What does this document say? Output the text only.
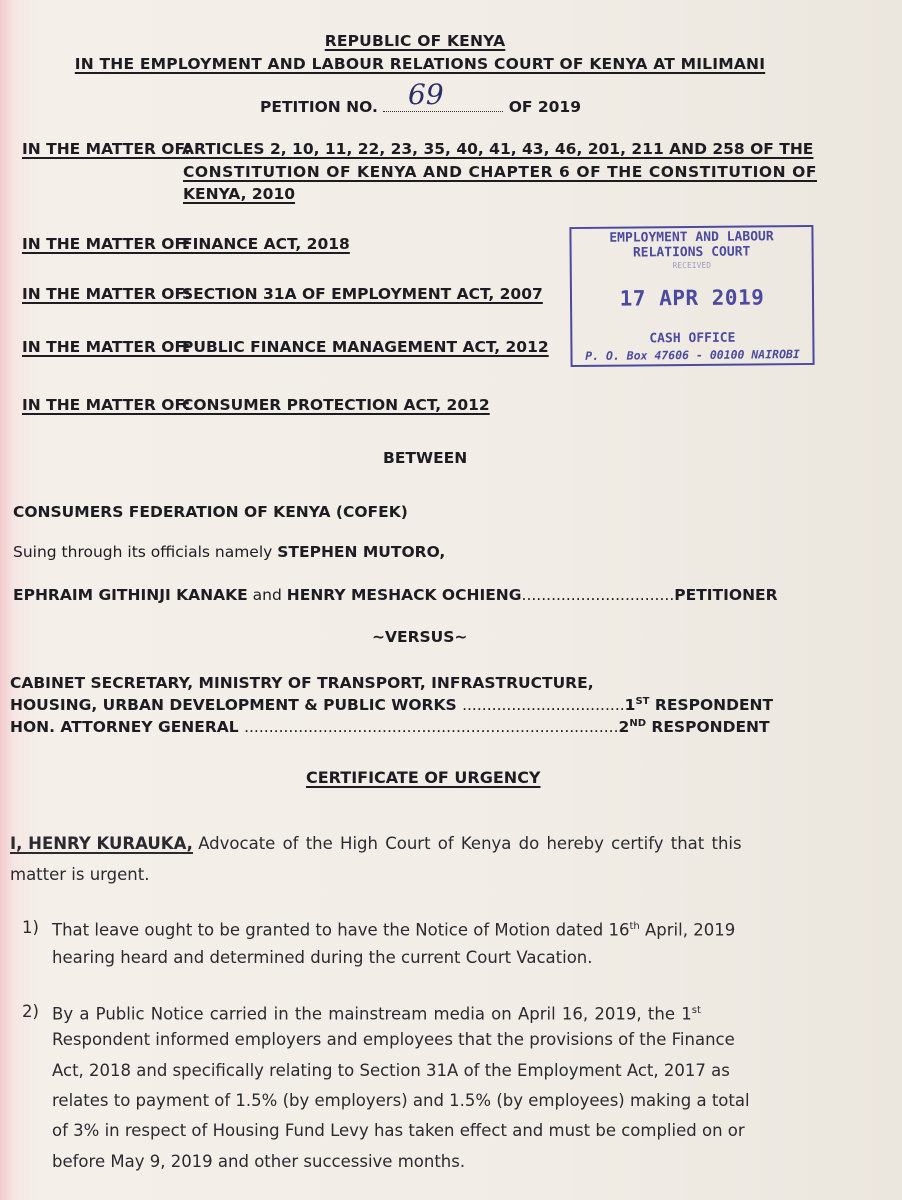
REPUBLIC OF KENYA
IN THE EMPLOYMENT AND LABOUR RELATIONS COURT OF KENYA AT MILIMANI
PETITION NO.	OF 2019
69
IN THE MATTER OF:ARTICLES 2, 10, 11, 22, 23, 35, 40, 41, 43, 46, 201, 211 AND 258 OF THE
CONSTITUTION OF KENYA AND CHAPTER 6 OF THE CONSTITUTION OF
KENYA, 2010
IN THE MATTER OF:FINANCE ACT, 2018
IN THE MATTER OF:SECTION 31A OF EMPLOYMENT ACT, 2007
IN THE MATTER OF:PUBLIC FINANCE MANAGEMENT ACT, 2012
IN THE MATTER OF:CONSUMER PROTECTION ACT, 2012
EMPLOYMENT AND LABOUR
RELATIONS COURT
RECEIVED
17 APR 2019
CASH OFFICE
P. O. Box 47606 - 00100 NAIROBI
BETWEEN
CONSUMERS FEDERATION OF KENYA (COFEK)
Suing through its officials namely STEPHEN MUTORO,
EPHRAIM GITHINJI KANAKE and HENRY MESHACK OCHIENG...............................PETITIONER
~VERSUS~
CABINET SECRETARY, MINISTRY OF TRANSPORT, INFRASTRUCTURE,
HOUSING, URBAN DEVELOPMENT & PUBLIC WORKS .................................1ST RESPONDENT
HON. ATTORNEY GENERAL ............................................................................2ND RESPONDENT
CERTIFICATE OF URGENCY
I, HENRY KURAUKA, Advocate of the High Court of Kenya do hereby certify that this
matter is urgent.
1) That leave ought to be granted to have the Notice of Motion dated 16th April, 2019
hearing heard and determined during the current Court Vacation.
2) By a Public Notice carried in the mainstream media on April 16, 2019, the 1st
Respondent informed employers and employees that the provisions of the Finance
Act, 2018 and specifically relating to Section 31A of the Employment Act, 2017 as
relates to payment of 1.5% (by employers) and 1.5% (by employees) making a total
of 3% in respect of Housing Fund Levy has taken effect and must be complied on or
before May 9, 2019 and other successive months.
